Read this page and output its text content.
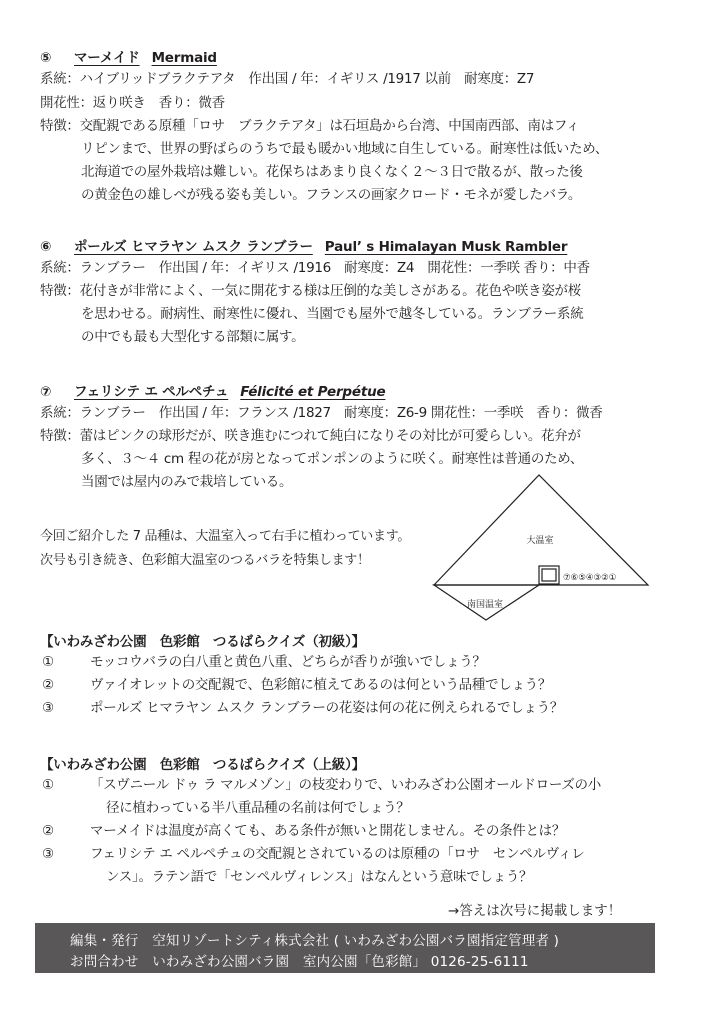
⑤ マーメイド Mermaid
系統：ハイブリッドブラクテアタ　作出国 / 年：イギリス /1917 以前　耐寒度：Z7
開花性：返り咲き　香り：微香
特徴：交配親である原種「ロサ　ブラクテアタ」は石垣島から台湾、中国南西部、南はフィ
リピンまで、世界の野ばらのうちで最も暖かい地域に自生している。耐寒性は低いため、
北海道での屋外栽培は難しい。花保ちはあまり良くなく２～３日で散るが、散った後
の黄金色の雄しべが残る姿も美しい。フランスの画家クロード・モネが愛したバラ。
⑥ ポールズ ヒマラヤン ムスク ランブラー Paul’ s Himalayan Musk Rambler
系統：ランブラー　作出国 / 年：イギリス /1916　耐寒度：Z4　開花性：一季咲 香り：中香
特徴：花付きが非常によく、一気に開花する様は圧倒的な美しさがある。花色や咲き姿が桜
を思わせる。耐病性、耐寒性に優れ、当園でも屋外で越冬している。ランブラー系統
の中でも最も大型化する部類に属す。
⑦ フェリシテ エ ペルペチュ Félicité et Perpétue
系統：ランブラー　作出国 / 年：フランス /1827　耐寒度：Z6-9 開花性：一季咲　香り：微香
特徴：蕾はピンクの球形だが、咲き進むにつれて純白になりその対比が可愛らしい。花弁が
多く、３～４ cm 程の花が房となってポンポンのように咲く。耐寒性は普通のため、
当園では屋内のみで栽培している。
今回ご紹介した 7 品種は、大温室入って右手に植わっています。
次号も引き続き、色彩館大温室のつるバラを特集します！
大温室
南国温室
⑦⑥⑤④③②①
【いわみざわ公園　色彩館　つるばらクイズ（初級）】
①	モッコウバラの白八重と黄色八重、どちらが香りが強いでしょう？
②	ヴァイオレットの交配親で、色彩館に植えてあるのは何という品種でしょう？
③	ポールズ ヒマラヤン ムスク ランブラーの花姿は何の花に例えられるでしょう？
【いわみざわ公園　色彩館　つるばらクイズ（上級）】
①	「スヴニール ドゥ ラ マルメゾン」の枝変わりで、いわみざわ公園オールドローズの小
径に植わっている半八重品種の名前は何でしょう？
②	マーメイドは温度が高くても、ある条件が無いと開花しません。その条件とは？
③	フェリシテ エ ペルペチュの交配親とされているのは原種の「ロサ　センペルヴィレ
ンス」。ラテン語で「センペルヴィレンス」はなんという意味でしょう？
→答えは次号に掲載します！
編集・発行　空知リゾートシティ株式会社 ( いわみざわ公園バラ園指定管理者 )
お問合わせ　いわみざわ公園バラ園　室内公園「色彩館」 0126-25-6111
